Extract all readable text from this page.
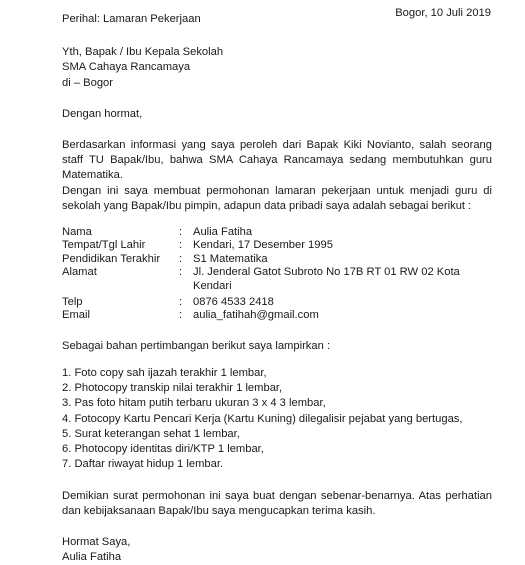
Bogor, 10 Juli 2019
Perihal: Lamaran Pekerjaan
Yth, Bapak / Ibu Kepala Sekolah
SMA Cahaya Rancamaya
di – Bogor
Dengan hormat,
Berdasarkan informasi yang saya peroleh dari Bapak Kiki Novianto, salah seorang staff TU Bapak/Ibu, bahwa SMA Cahaya Rancamaya sedang membutuhkan guru Matematika.
Dengan ini saya membuat permohonan lamaran pekerjaan untuk menjadi guru di sekolah yang Bapak/Ibu pimpin, adapun data pribadi saya adalah sebagai berikut :
Nama	:	Aulia Fatiha
Tempat/Tgl Lahir	:	Kendari, 17 Desember 1995
Pendidikan Terakhir	:	S1 Matematika
Alamat	:	Jl. Jenderal Gatot Subroto No 17B RT 01 RW 02 Kota Kendari
Telp	:	0876 4533 2418
Email	:	aulia_fatihah@gmail.com
Sebagai bahan pertimbangan berikut saya lampirkan :
1. Foto copy sah ijazah terakhir 1 lembar,
2. Photocopy transkip nilai terakhir 1 lembar,
3. Pas foto hitam putih terbaru ukuran 3 x 4 3 lembar,
4. Fotocopy Kartu Pencari Kerja (Kartu Kuning) dilegalisir pejabat yang bertugas,
5. Surat keterangan sehat 1 lembar,
6. Photocopy identitas diri/KTP 1 lembar,
7. Daftar riwayat hidup 1 lembar.
Demikian surat permohonan ini saya buat dengan sebenar-benarnya. Atas perhatian dan kebijaksanaan Bapak/Ibu saya mengucapkan terima kasih.
Hormat Saya,
Aulia Fatiha
